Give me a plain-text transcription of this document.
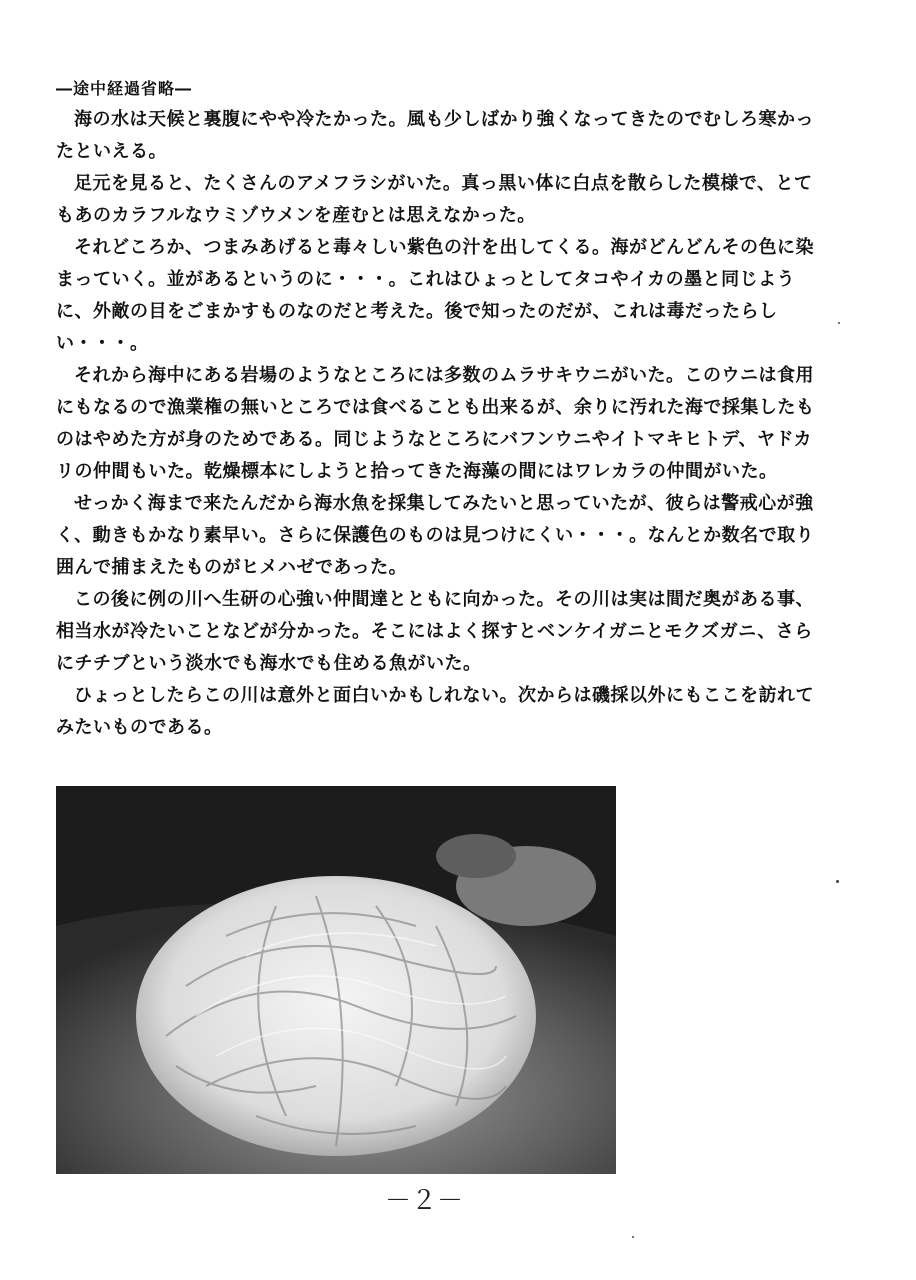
―途中経過省略―

海の水は天候と裏腹にやや冷たかった。風も少しばかり強くなってきたのでむしろ寒かったといえる。

足元を見ると、たくさんのアメフラシがいた。真っ黒い体に白点を散らした模様で、とてもあのカラフルなウミゾウメンを産むとは思えなかった。

それどころか、つまみあげると毒々しい紫色の汁を出してくる。海がどんどんその色に染まっていく。並があるというのに・・・。これはひょっとしてタコやイカの墨と同じように、外敵の目をごまかすものなのだと考えた。後で知ったのだが、これは毒だったらしい・・・。

それから海中にある岩場のようなところには多数のムラサキウニがいた。このウニは食用にもなるので漁業権の無いところでは食べることも出来るが、余りに汚れた海で採集したものはやめた方が身のためである。同じようなところにバフンウニやイトマキヒトデ、ヤドカリの仲間もいた。乾燥標本にしようと拾ってきた海藻の間にはワレカラの仲間がいた。

せっかく海まで来たんだから海水魚を採集してみたいと思っていたが、彼らは警戒心が強く、動きもかなり素早い。さらに保護色のものは見つけにくい・・・。なんとか数名で取り囲んで捕まえたものがヒメハゼであった。

この後に例の川へ生研の心強い仲間達とともに向かった。その川は実は間だ奥がある事、相当水が冷たいことなどが分かった。そこにはよく探すとベンケイガニとモクズガニ、さらにチチブという淡水でも海水でも住める魚がいた。

ひょっとしたらこの川は意外と面白いかもしれない。次からは磯採以外にもここを訪れてみたいものである。

－２－
